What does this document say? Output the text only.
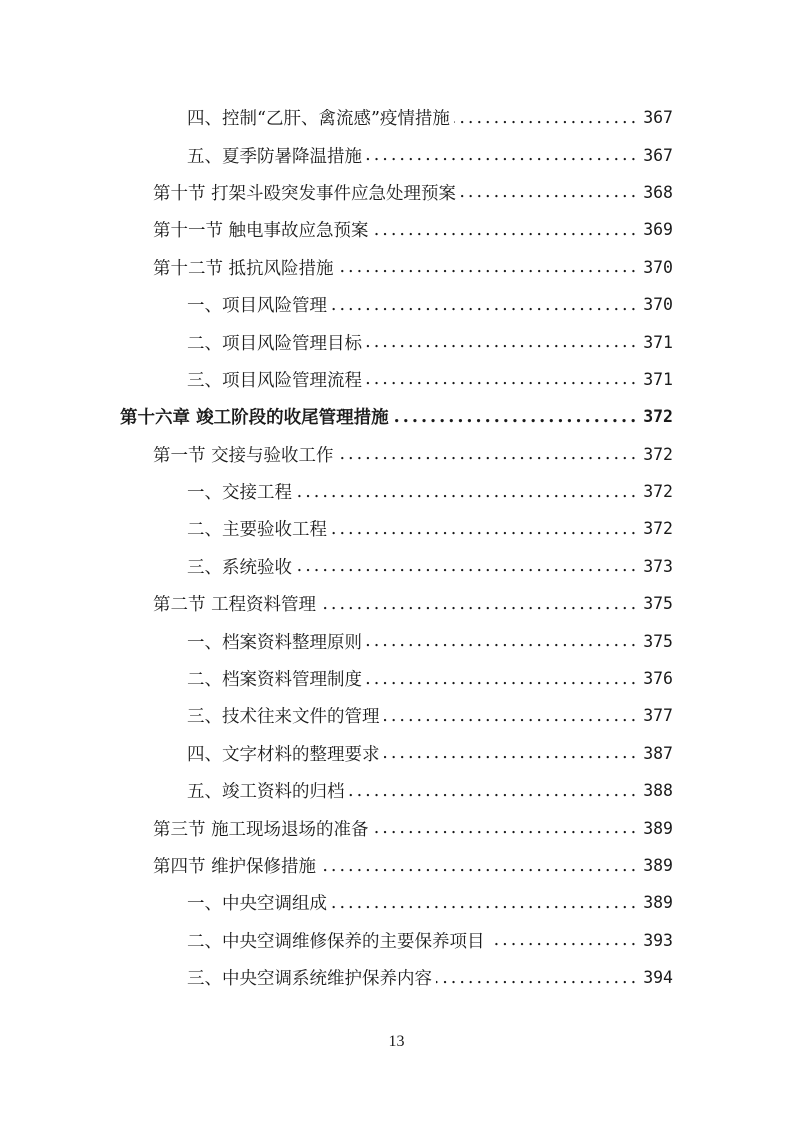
四、控制“乙肝、禽流感”疫情措施 .....	367
五、夏季防暑降温措施 .....	367
第十节 打架斗殴突发事件应急处理预案 .....	368
第十一节 触电事故应急预案 .....	369
第十二节 抵抗风险措施 .....	370
一、项目风险管理 .....	370
二、项目风险管理目标 .....	371
三、项目风险管理流程 .....	371
第十六章 竣工阶段的收尾管理措施 .....	372
第一节 交接与验收工作 .....	372
一、交接工程 .....	372
二、主要验收工程 .....	372
三、系统验收 .....	373
第二节 工程资料管理 .....	375
一、档案资料整理原则 .....	375
二、档案资料管理制度 .....	376
三、技术往来文件的管理 .....	377
四、文字材料的整理要求 .....	387
五、竣工资料的归档 .....	388
第三节 施工现场退场的准备 .....	389
第四节 维护保修措施 .....	389
一、中央空调组成 .....	389
二、中央空调维修保养的主要保养项目 .....	393
三、中央空调系统维护保养内容 .....	394
13
